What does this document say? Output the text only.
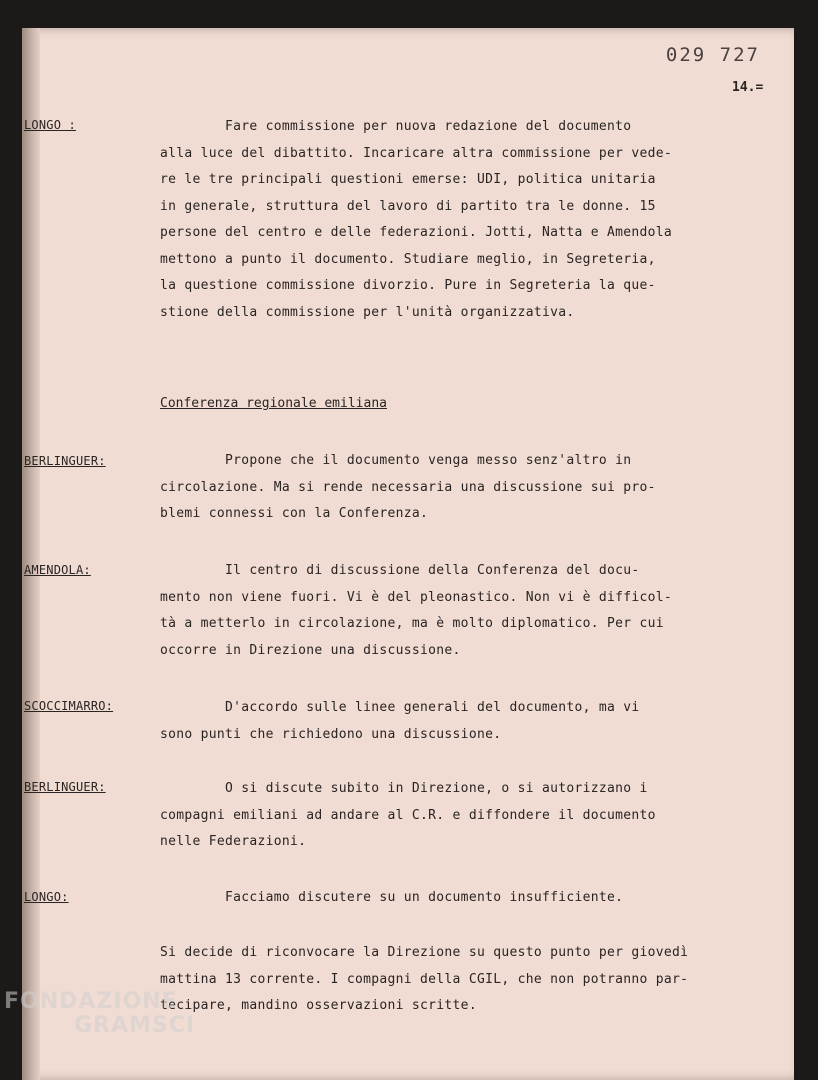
029 727
14.=
LONGO :	Fare commissione per nuova redazione del documento
alla luce del dibattito. Incaricare altra commissione per vede-
re le tre principali questioni emerse: UDI, politica unitaria
in generale, struttura del lavoro di partito tra le donne. 15
persone del centro e delle federazioni. Jotti, Natta e Amendola
mettono a punto il documento. Studiare meglio, in Segreteria,
la questione commissione divorzio. Pure in Segreteria la que-
stione della commissione per l'unità organizzativa.
Conferenza regionale emiliana
BERLINGUER:	Propone che il documento venga messo senz'altro in
circolazione. Ma si rende necessaria una discussione sui pro-
blemi connessi con la Conferenza.
AMENDOLA:	Il centro di discussione della Conferenza del docu-
mento non viene fuori. Vi è del pleonastico. Non vi è difficol-
tà a metterlo in circolazione, ma è molto diplomatico. Per cui
occorre in Direzione una discussione.
SCOCCIMARRO:	D'accordo sulle linee generali del documento, ma vi
sono punti che richiedono una discussione.
BERLINGUER:	O si discute subito in Direzione, o si autorizzano i
compagni emiliani ad andare al C.R. e diffondere il documento
nelle Federazioni.
LONGO:	Facciamo discutere su un documento insufficiente.
Si decide di riconvocare la Direzione su questo punto per giovedì
mattina 13 corrente. I compagni della CGIL, che non potranno par-
tecipare, mandino osservazioni scritte.
FONDAZIONE
GRAMSCI
